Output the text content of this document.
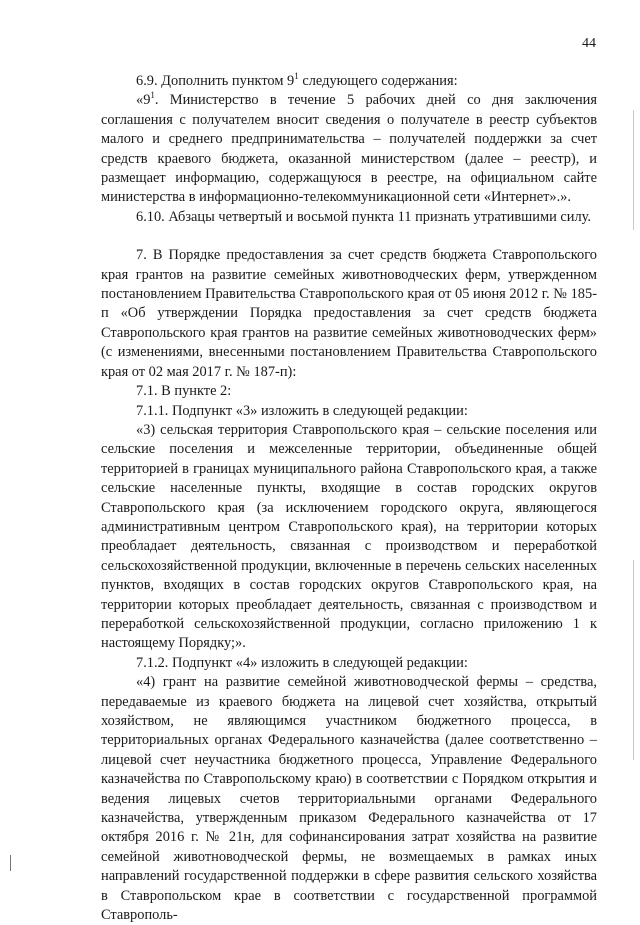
44

6.9. Дополнить пунктом $9^1$ следующего содержания:

«$9^1$. Министерство в течение 5 рабочих дней со дня заключения соглашения с получателем вносит сведения о получателе в реестр субъектов малого и среднего предпринимательства – получателей поддержки за счет средств краевого бюджета, оказанной министерством (далее – реестр), и размещает информацию, содержащуюся в реестре, на официальном сайте министерства в информационно-телекоммуникационной сети «Интернет».».

6.10. Абзацы четвертый и восьмой пункта 11 признать утратившими силу.

7. В Порядке предоставления за счет средств бюджета Ставропольского края грантов на развитие семейных животноводческих ферм, утвержденном постановлением Правительства Ставропольского края от 05 июня 2012 г. № 185-п «Об утверждении Порядка предоставления за счет средств бюджета Ставропольского края грантов на развитие семейных животноводческих ферм» (с изменениями, внесенными постановлением Правительства Ставропольского края от 02 мая 2017 г. № 187-п):

7.1. В пункте 2:

7.1.1. Подпункт «3» изложить в следующей редакции:

«3) сельская территория Ставропольского края – сельские поселения или сельские поселения и межселенные территории, объединенные общей территорией в границах муниципального района Ставропольского края, а также сельские населенные пункты, входящие в состав городских округов Ставропольского края (за исключением городского округа, являющегося административным центром Ставропольского края), на территории которых преобладает деятельность, связанная с производством и переработкой сельскохозяйственной продукции, включенные в перечень сельских населенных пунктов, входящих в состав городских округов Ставропольского края, на территории которых преобладает деятельность, связанная с производством и переработкой сельскохозяйственной продукции, согласно приложению 1 к настоящему Порядку;».

7.1.2. Подпункт «4» изложить в следующей редакции:

«4) грант на развитие семейной животноводческой фермы – средства, передаваемые из краевого бюджета на лицевой счет хозяйства, открытый хозяйством, не являющимся участником бюджетного процесса, в территориальных органах Федерального казначейства (далее соответственно – лицевой счет неучастника бюджетного процесса, Управление Федерального казначейства по Ставропольскому краю) в соответствии с Порядком открытия и ведения лицевых счетов территориальными органами Федерального казначейства, утвержденным приказом Федерального казначейства от 17 октября 2016 г. № 21н, для софинансирования затрат хозяйства на развитие семейной животноводческой фермы, не возмещаемых в рамках иных направлений государственной поддержки в сфере развития сельского хозяйства в Ставропольском крае в соответствии с государственной программой Ставрополь-
